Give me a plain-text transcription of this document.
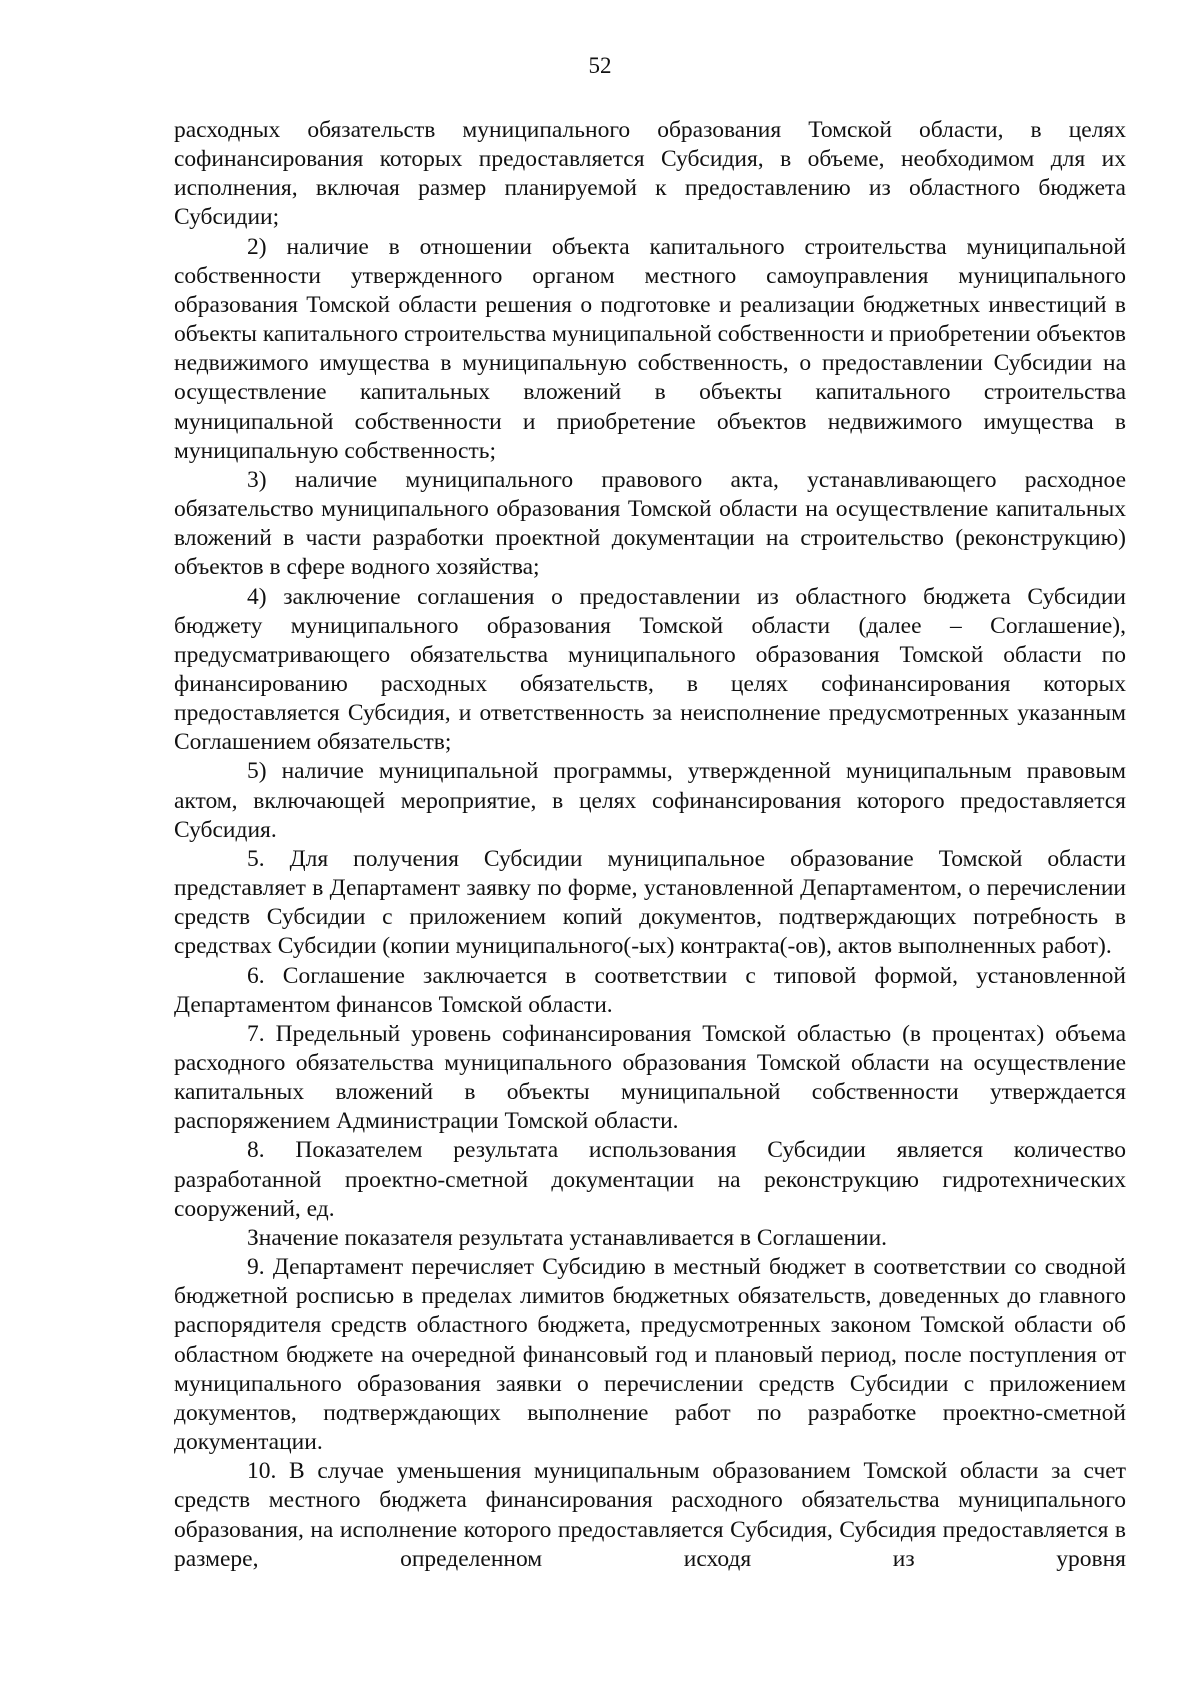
52

расходных обязательств муниципального образования Томской области, в целях софинансирования которых предоставляется Субсидия, в объеме, необходимом для их исполнения, включая размер планируемой к предоставлению из областного бюджета Субсидии;

2) наличие в отношении объекта капитального строительства муниципальной собственности утвержденного органом местного самоуправления муниципального образования Томской области решения о подготовке и реализации бюджетных инвестиций в объекты капитального строительства муниципальной собственности и приобретении объектов недвижимого имущества в муниципальную собственность, о предоставлении Субсидии на осуществление капитальных вложений в объекты капитального строительства муниципальной собственности и приобретение объектов недвижимого имущества в муниципальную собственность;

3) наличие муниципального правового акта, устанавливающего расходное обязательство муниципального образования Томской области на осуществление капитальных вложений в части разработки проектной документации на строительство (реконструкцию) объектов в сфере водного хозяйства;

4) заключение соглашения о предоставлении из областного бюджета Субсидии бюджету муниципального образования Томской области (далее – Соглашение), предусматривающего обязательства муниципального образования Томской области по финансированию расходных обязательств, в целях софинансирования которых предоставляется Субсидия, и ответственность за неисполнение предусмотренных указанным Соглашением обязательств;

5) наличие муниципальной программы, утвержденной муниципальным правовым актом, включающей мероприятие, в целях софинансирования которого предоставляется Субсидия.

5. Для получения Субсидии муниципальное образование Томской области представляет в Департамент заявку по форме, установленной Департаментом, о перечислении средств Субсидии с приложением копий документов, подтверждающих потребность в средствах Субсидии (копии муниципального(-ых) контракта(-ов), актов выполненных работ).

6. Соглашение заключается в соответствии с типовой формой, установленной Департаментом финансов Томской области.

7. Предельный уровень софинансирования Томской областью (в процентах) объема расходного обязательства муниципального образования Томской области на осуществление капитальных вложений в объекты муниципальной собственности утверждается распоряжением Администрации Томской области.

8. Показателем результата использования Субсидии является количество разработанной проектно-сметной документации на реконструкцию гидротехнических сооружений, ед.

Значение показателя результата устанавливается в Соглашении.

9. Департамент перечисляет Субсидию в местный бюджет в соответствии со сводной бюджетной росписью в пределах лимитов бюджетных обязательств, доведенных до главного распорядителя средств областного бюджета, предусмотренных законом Томской области об областном бюджете на очередной финансовый год и плановый период, после поступления от муниципального образования заявки о перечислении средств Субсидии с приложением документов, подтверждающих выполнение работ по разработке проектно-сметной документации.

10. В случае уменьшения муниципальным образованием Томской области за счет средств местного бюджета финансирования расходного обязательства муниципального образования, на исполнение которого предоставляется Субсидия, Субсидия предоставляется в размере, определенном исходя из уровня
